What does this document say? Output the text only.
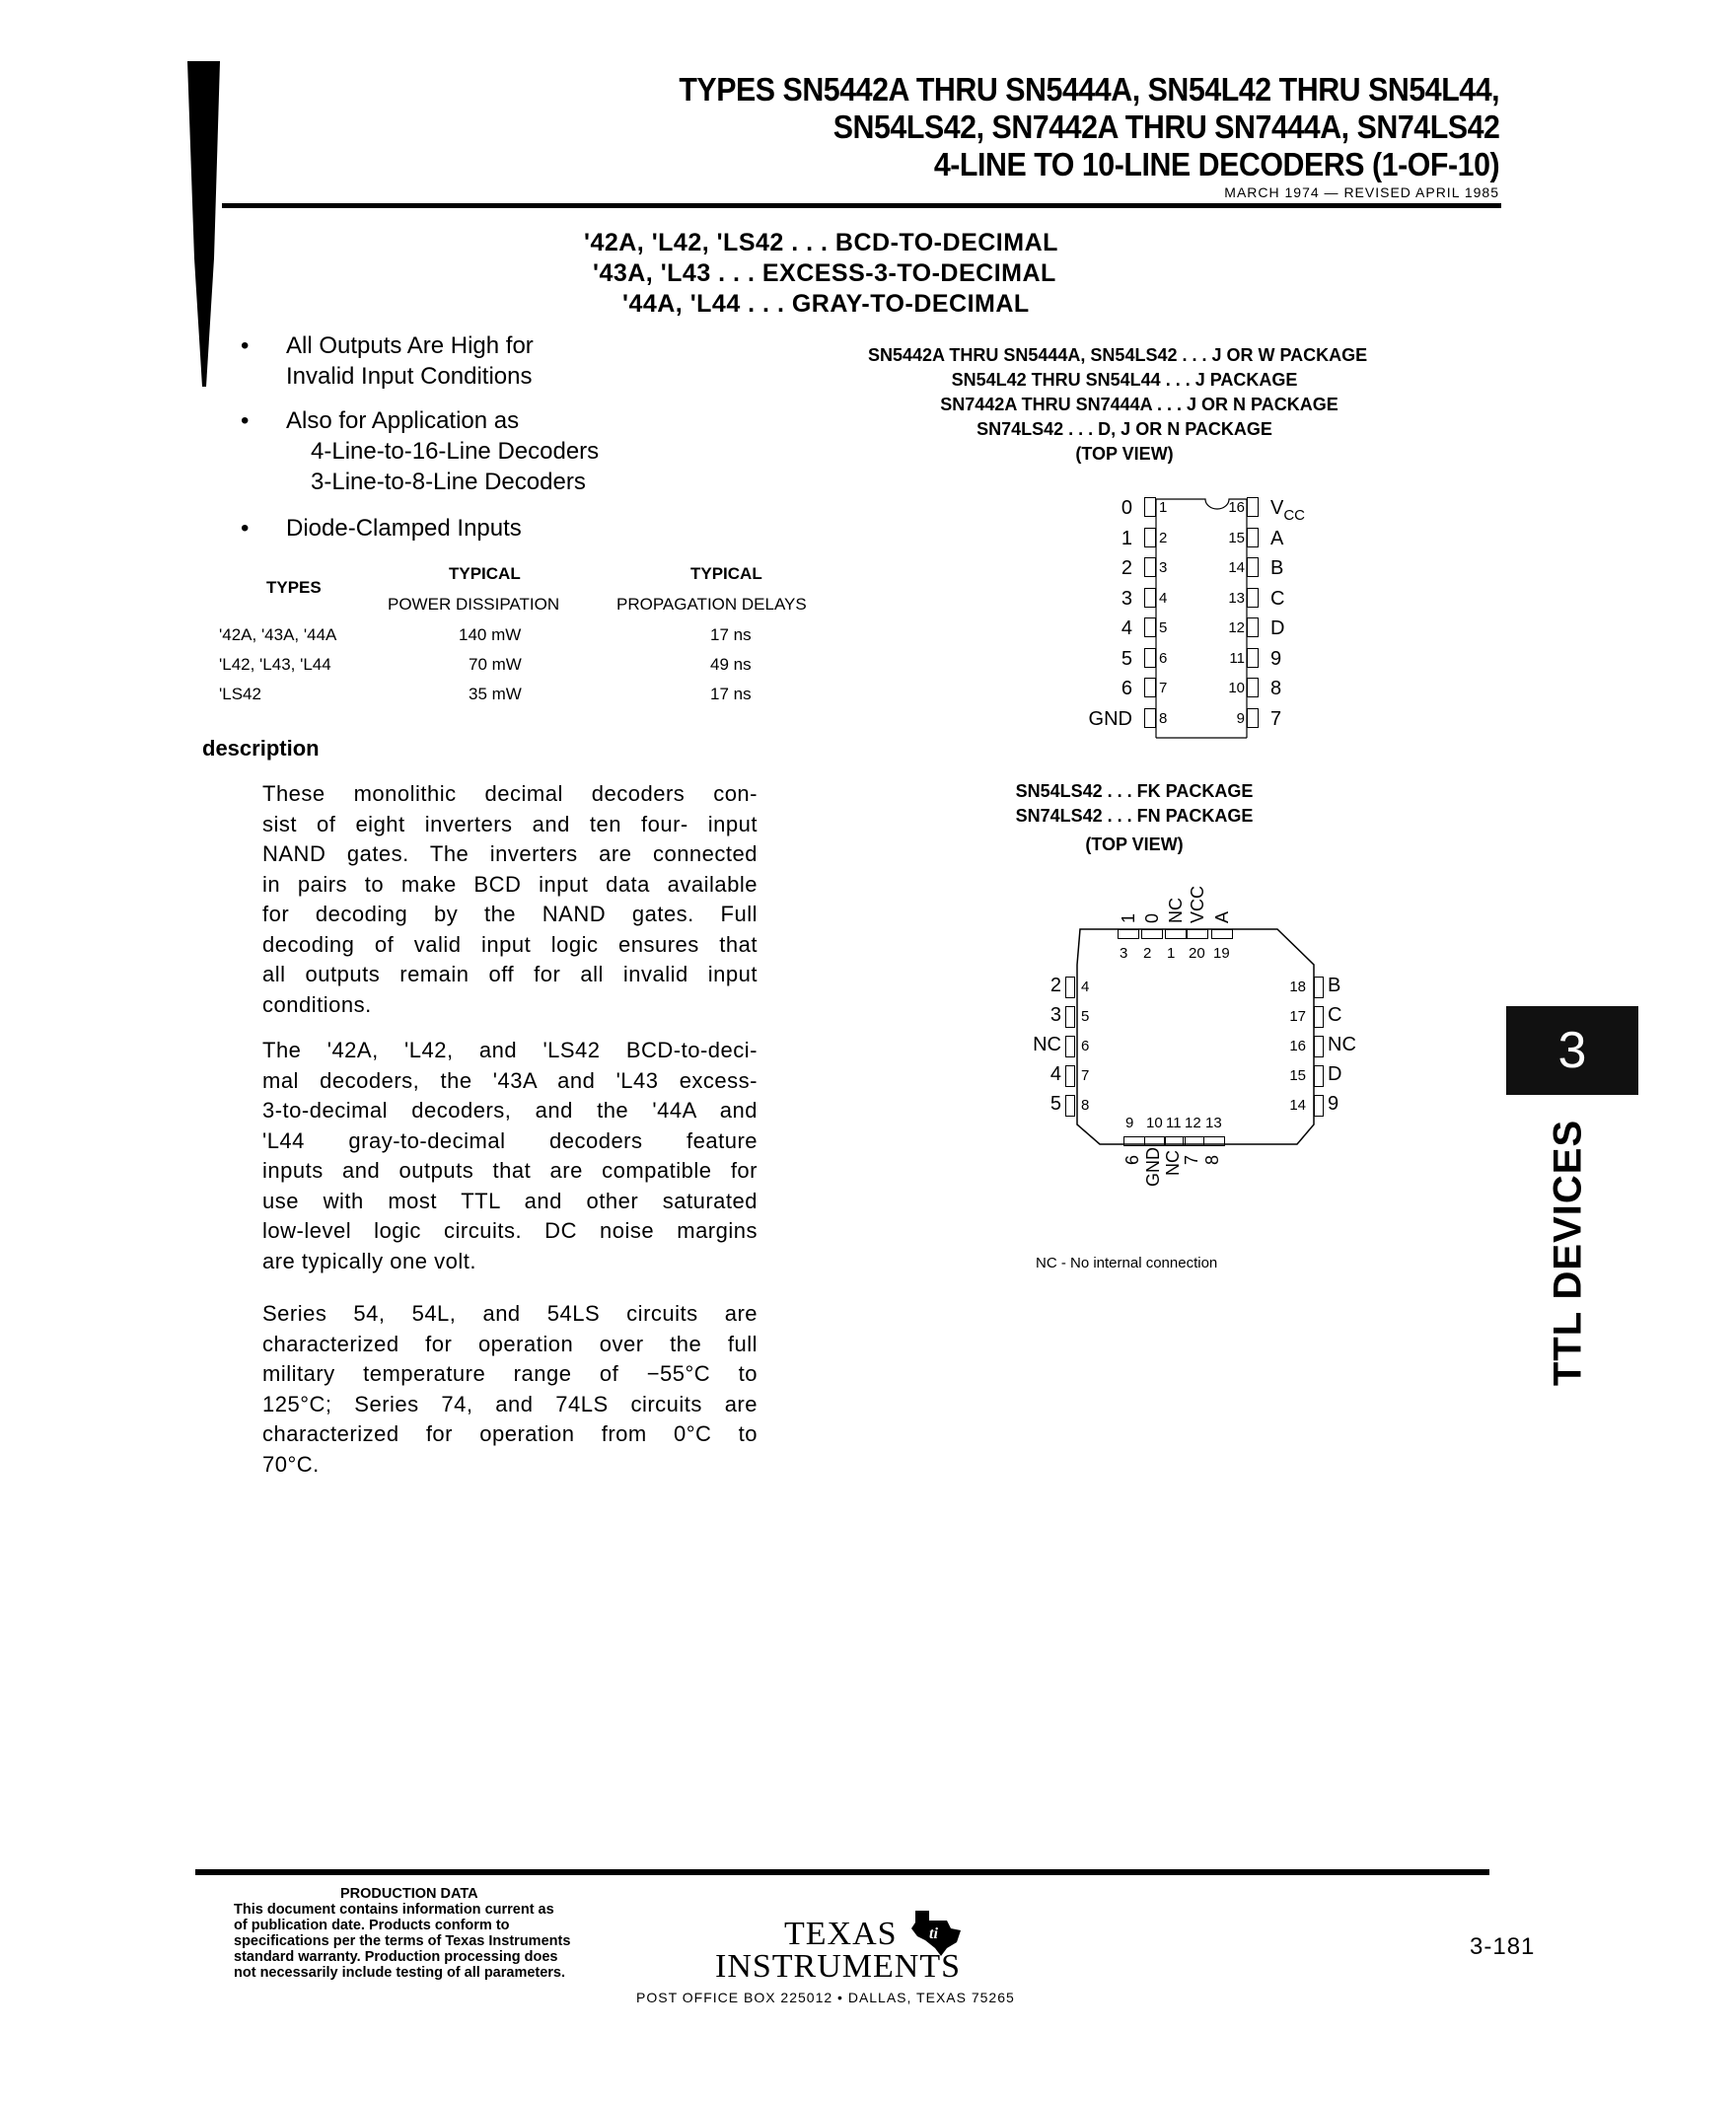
TYPES SN5442A THRU SN5444A, SN54L42 THRU SN54L44,
SN54LS42, SN7442A THRU SN7444A, SN74LS42
4-LINE TO 10-LINE DECODERS (1-OF-10)
MARCH 1974 — REVISED APRIL 1985
'42A, 'L42, 'LS42 . . . BCD-TO-DECIMAL
'43A, 'L43 . . . EXCESS-3-TO-DECIMAL
'44A, 'L44 . . . GRAY-TO-DECIMAL
• All Outputs Are High for
Invalid Input Conditions
• Also for Application as
4-Line-to-16-Line Decoders
3-Line-to-8-Line Decoders
• Diode-Clamped Inputs
TYPES
TYPICAL	TYPICAL
POWER DISSIPATION	PROPAGATION DELAYS
'42A, '43A, '44A	140 mW	17 ns
'L42, 'L43, 'L44	70 mW	49 ns
'LS42	35 mW	17 ns
description
These monolithic decimal decoders con-
sist of eight inverters and ten four- input
NAND gates. The inverters are connected
in pairs to make BCD input data available
for decoding by the NAND gates. Full
decoding of valid input logic ensures that
all outputs remain off for all invalid input
conditions.
The '42A, 'L42, and 'LS42 BCD-to-deci-
mal decoders, the '43A and 'L43 excess-
3-to-decimal decoders, and the '44A and
'L44 gray-to-decimal decoders feature
inputs and outputs that are compatible for
use with most TTL and other saturated
low-level logic circuits. DC noise margins
are typically one volt.
Series 54, 54L, and 54LS circuits are
characterized for operation over the full
military temperature range of −55°C to
125°C; Series 74, and 74LS circuits are
characterized for operation from 0°C to
70°C.
SN5442A THRU SN5444A, SN54LS42 . . . J OR W PACKAGE
SN54L42 THRU SN54L44 . . . J PACKAGE
SN7442A THRU SN7444A . . . J OR N PACKAGE
SN74LS42 . . . D, J OR N PACKAGE
(TOP VIEW)
0 1
1 2
2 3
3 4
4 5
5 6
6 7
GND 8
16 $V_{CC}$
15 A
14 B
13 C
12 D
11 9
10 8
9 7
SN54LS42 . . . FK PACKAGE
SN74LS42 . . . FN PACKAGE
(TOP VIEW)
1 0 NC VCC A
3 2 1 20 19
2 4
3 5
NC 6
4 7
5 8
18 B
17 C
16 NC
15 D
14 9
9 10 11 12 13
6 GND NC 7 8
NC - No internal connection
3
TTL DEVICES
PRODUCTION DATA
This document contains information current as
of publication date. Products conform to
specifications per the terms of Texas Instruments
standard warranty. Production processing does
not necessarily include testing of all parameters.
TEXAS
INSTRUMENTS
ti
POST OFFICE BOX 225012 • DALLAS, TEXAS 75265
3-181
